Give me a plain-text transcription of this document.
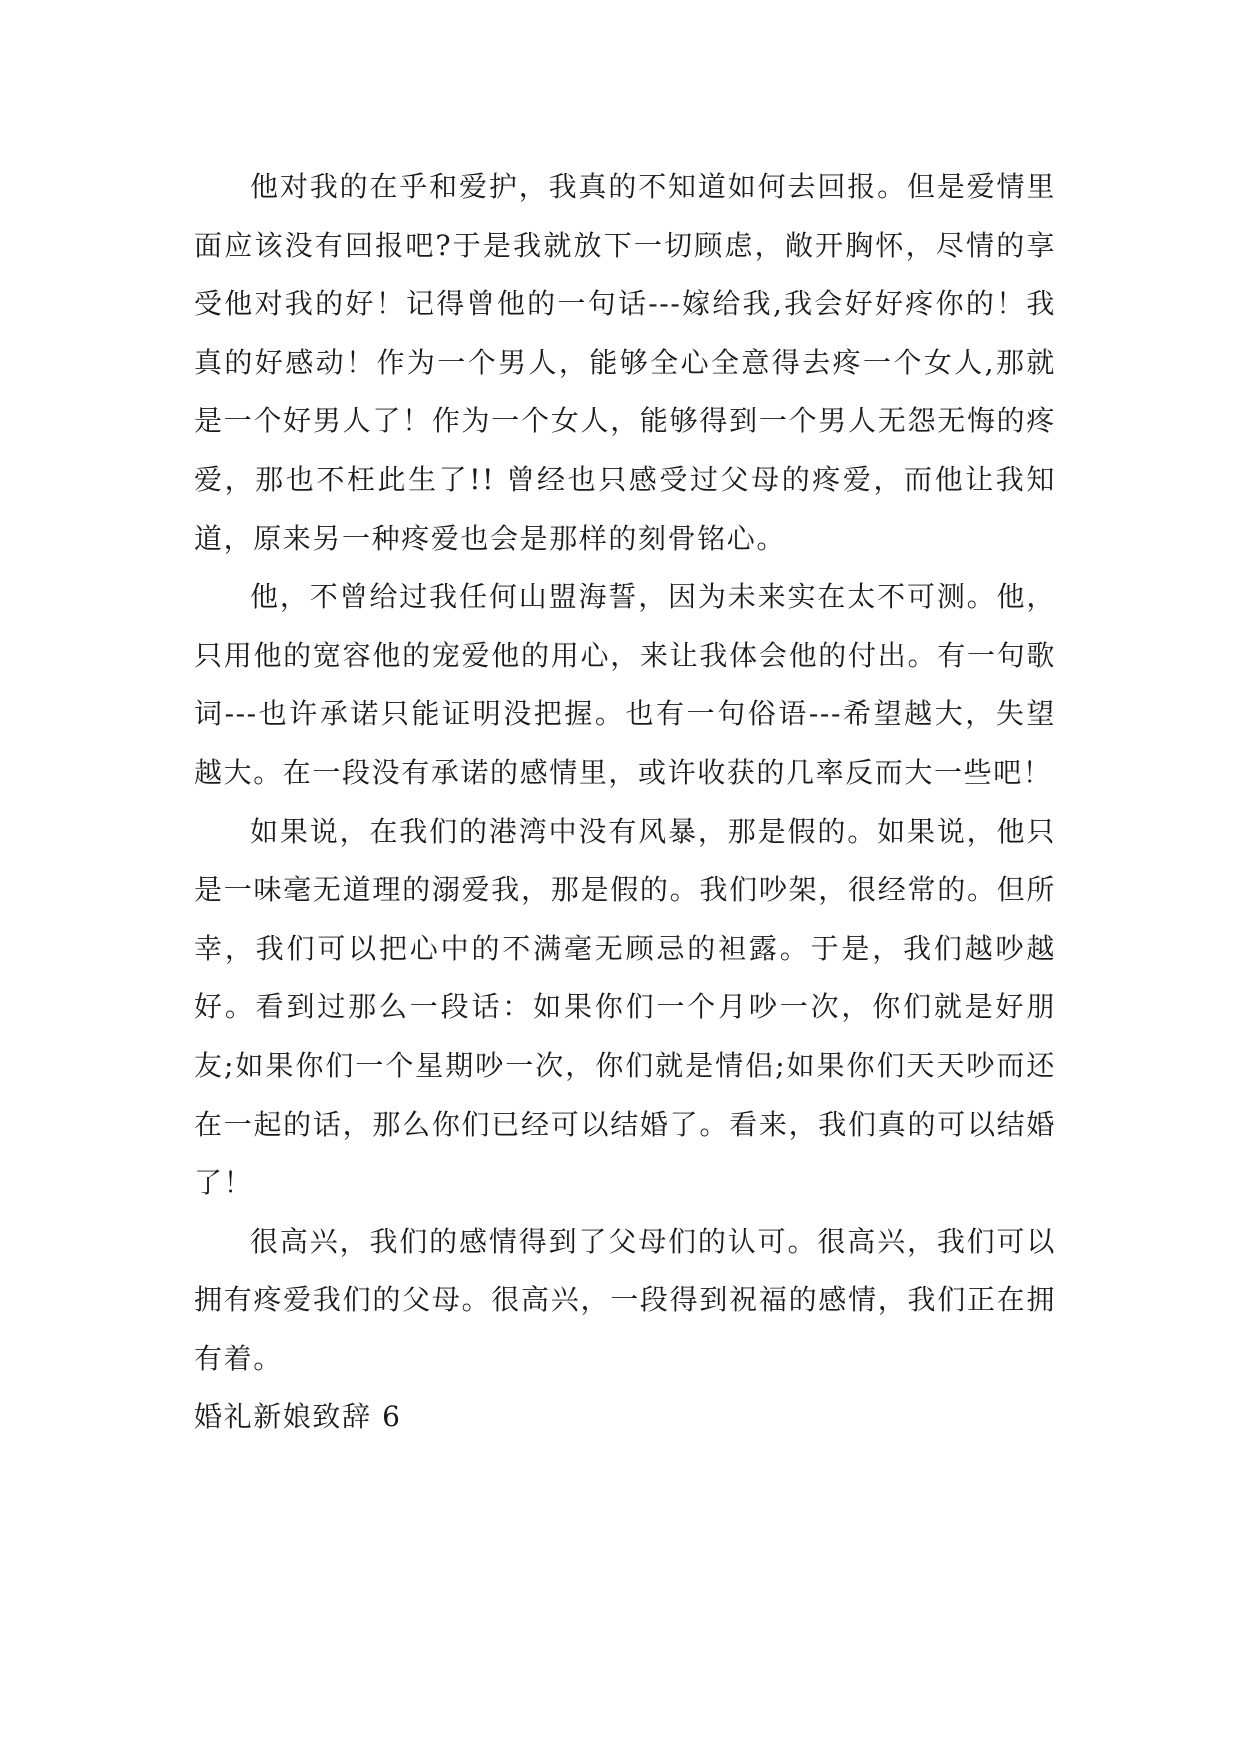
他对我的在乎和爱护，我真的不知道如何去回报。但是爱情里面应该没有回报吧?于是我就放下一切顾虑，敞开胸怀，尽情的享受他对我的好！记得曾他的一句话---嫁给我,我会好好疼你的！我真的好感动！作为一个男人，能够全心全意得去疼一个女人,那就是一个好男人了！作为一个女人，能够得到一个男人无怨无悔的疼爱，那也不枉此生了!! 曾经也只感受过父母的疼爱，而他让我知道，原来另一种疼爱也会是那样的刻骨铭心。

他，不曾给过我任何山盟海誓，因为未来实在太不可测。他，只用他的宽容他的宠爱他的用心，来让我体会他的付出。有一句歌词---也许承诺只能证明没把握。也有一句俗语---希望越大，失望越大。在一段没有承诺的感情里，或许收获的几率反而大一些吧！

如果说，在我们的港湾中没有风暴，那是假的。如果说，他只是一味毫无道理的溺爱我，那是假的。我们吵架，很经常的。但所幸，我们可以把心中的不满毫无顾忌的袒露。于是，我们越吵越好。看到过那么一段话：如果你们一个月吵一次，你们就是好朋友;如果你们一个星期吵一次，你们就是情侣;如果你们天天吵而还在一起的话，那么你们已经可以结婚了。看来，我们真的可以结婚了！

很高兴，我们的感情得到了父母们的认可。很高兴，我们可以拥有疼爱我们的父母。很高兴，一段得到祝福的感情，我们正在拥有着。

婚礼新娘致辞 6
